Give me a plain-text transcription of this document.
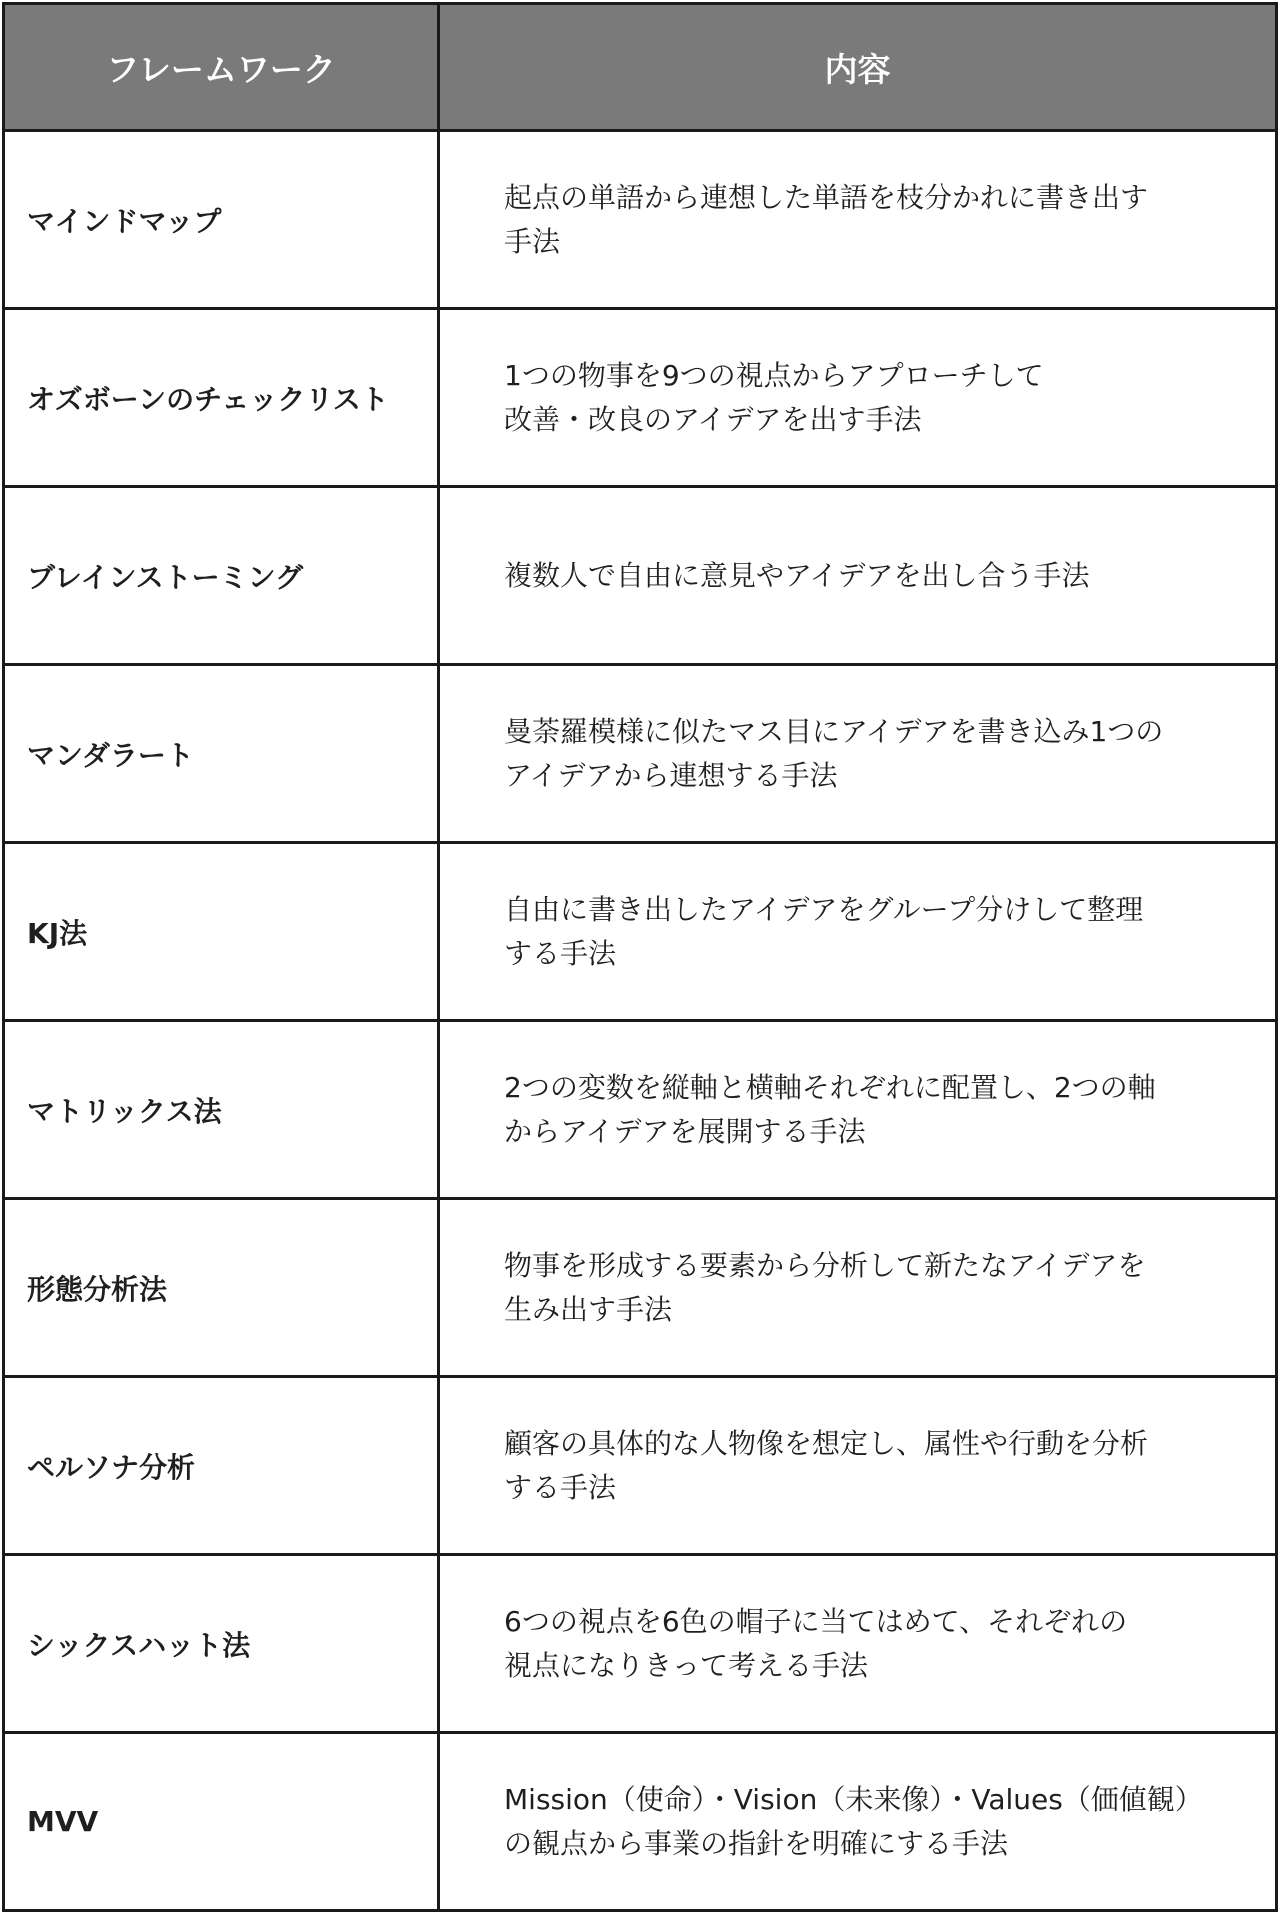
フレームワーク	内容
マインドマップ
起点の単語から連想した単語を枝分かれに書き出す
手法
オズボーンのチェックリスト
1つの物事を9つの視点からアプローチして
改善・改良のアイデアを出す手法
ブレインストーミング	複数人で自由に意見やアイデアを出し合う手法
マンダラート
曼荼羅模様に似たマス目にアイデアを書き込み1つの
アイデアから連想する手法
KJ法
自由に書き出したアイデアをグループ分けして整理
する手法
マトリックス法
2つの変数を縦軸と横軸それぞれに配置し、2つの軸
からアイデアを展開する手法
形態分析法
物事を形成する要素から分析して新たなアイデアを
生み出す手法
ペルソナ分析
顧客の具体的な人物像を想定し、属性や行動を分析
する手法
シックスハット法
6つの視点を6色の帽子に当てはめて、それぞれの
視点になりきって考える手法
MVV
Mission（使命）・Vision（未来像）・Values（価値観）
の観点から事業の指針を明確にする手法
